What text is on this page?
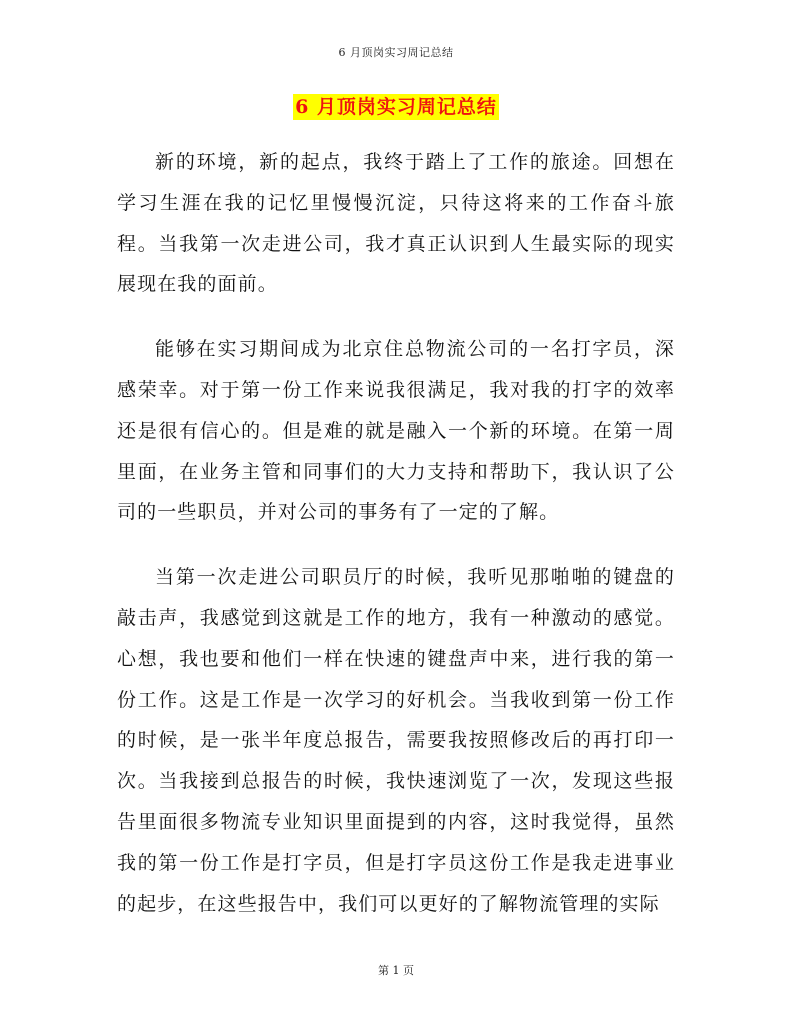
6 月顶岗实习周记总结
6 月顶岗实习周记总结

新的环境，新的起点，我终于踏上了工作的旅途。回想在学习生涯在我的记忆里慢慢沉淀，只待这将来的工作奋斗旅程。当我第一次走进公司，我才真正认识到人生最实际的现实展现在我的面前。

能够在实习期间成为北京住总物流公司的一名打字员，深感荣幸。对于第一份工作来说我很满足，我对我的打字的效率还是很有信心的。但是难的就是融入一个新的环境。在第一周里面，在业务主管和同事们的大力支持和帮助下，我认识了公司的一些职员，并对公司的事务有了一定的了解。

当第一次走进公司职员厅的时候，我听见那啪啪的键盘的敲击声，我感觉到这就是工作的地方，我有一种激动的感觉。心想，我也要和他们一样在快速的键盘声中来，进行我的第一份工作。这是工作是一次学习的好机会。当我收到第一份工作的时候，是一张半年度总报告，需要我按照修改后的再打印一次。当我接到总报告的时候，我快速浏览了一次，发现这些报告里面很多物流专业知识里面提到的内容，这时我觉得，虽然我的第一份工作是打字员，但是打字员这份工作是我走进事业的起步，在这些报告中，我们可以更好的了解物流管理的实际

第 1 页
